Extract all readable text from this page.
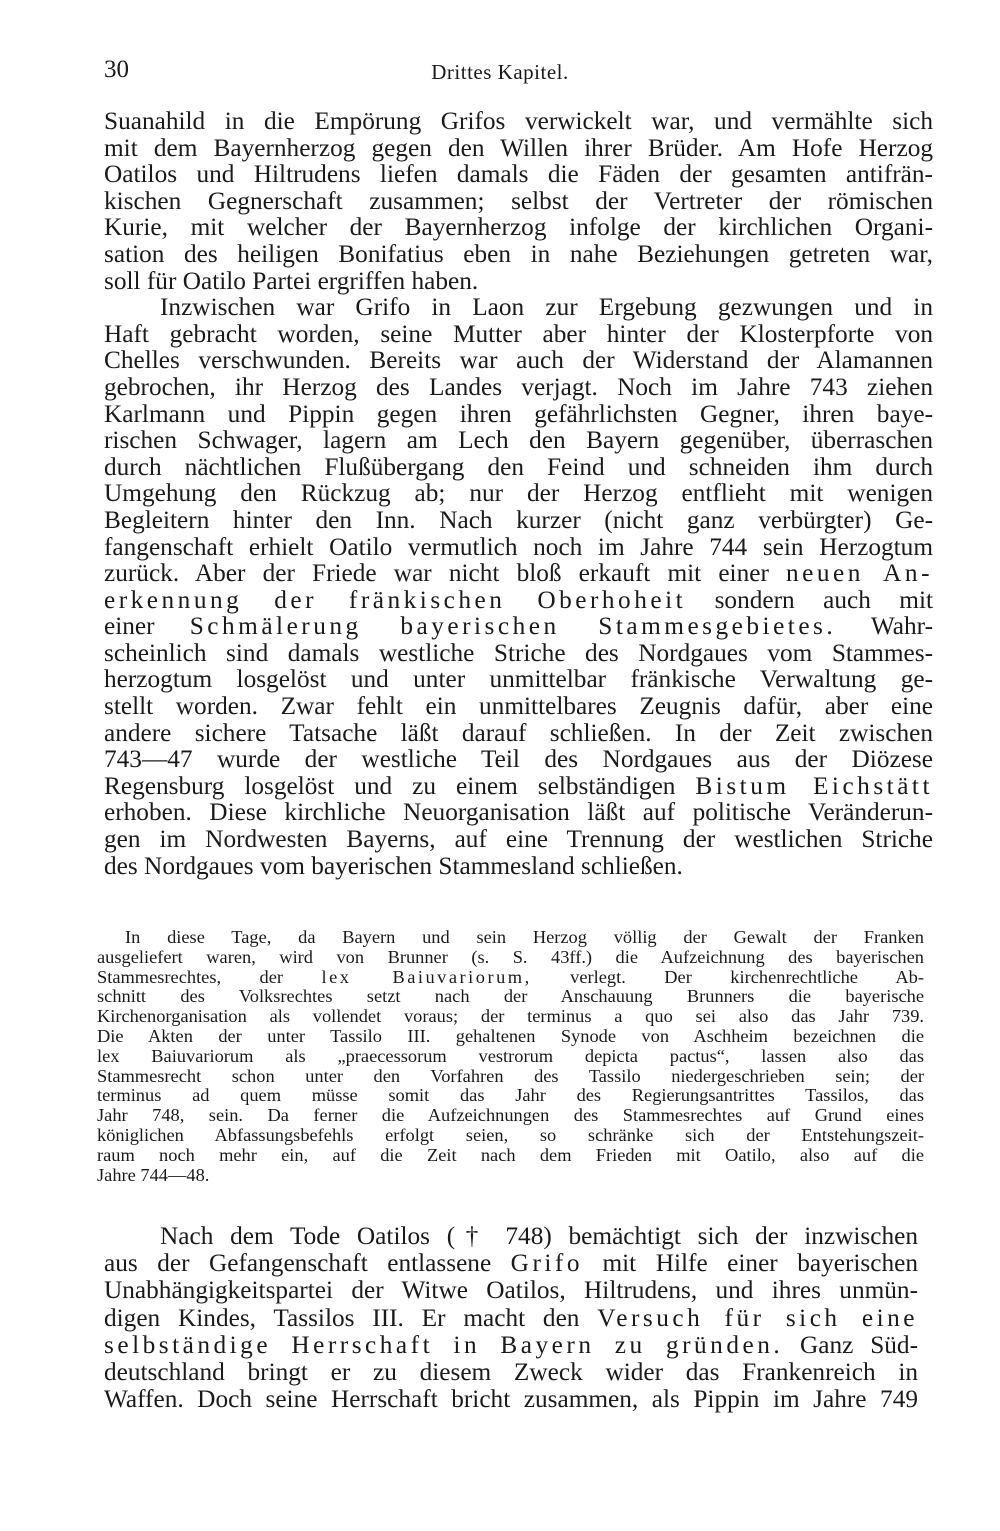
30	Drittes Kapitel.

Suanahild in die Empörung Grifos verwickelt war, und vermählte sich
mit dem Bayernherzog gegen den Willen ihrer Brüder. Am Hofe Herzog
Oatilos und Hiltrudens liefen damals die Fäden der gesamten antifrän-
kischen Gegnerschaft zusammen; selbst der Vertreter der römischen
Kurie, mit welcher der Bayernherzog infolge der kirchlichen Organi-
sation des heiligen Bonifatius eben in nahe Beziehungen getreten war,
soll für Oatilo Partei ergriffen haben.

Inzwischen war Grifo in Laon zur Ergebung gezwungen und in
Haft gebracht worden, seine Mutter aber hinter der Klosterpforte von
Chelles verschwunden. Bereits war auch der Widerstand der Alamannen
gebrochen, ihr Herzog des Landes verjagt. Noch im Jahre 743 ziehen
Karlmann und Pippin gegen ihren gefährlichsten Gegner, ihren baye-
rischen Schwager, lagern am Lech den Bayern gegenüber, überraschen
durch nächtlichen Flußübergang den Feind und schneiden ihm durch
Umgehung den Rückzug ab; nur der Herzog entflieht mit wenigen
Begleitern hinter den Inn. Nach kurzer (nicht ganz verbürgter) Ge-
fangenschaft erhielt Oatilo vermutlich noch im Jahre 744 sein Herzogtum
zurück. Aber der Friede war nicht bloß erkauft mit einer neuen An-
erkennung der fränkischen Oberhoheit sondern auch mit
einer Schmälerung bayerischen Stammesgebietes. Wahr-
scheinlich sind damals westliche Striche des Nordgaues vom Stammes-
herzogtum losgelöst und unter unmittelbar fränkische Verwaltung ge-
stellt worden. Zwar fehlt ein unmittelbares Zeugnis dafür, aber eine
andere sichere Tatsache läßt darauf schließen. In der Zeit zwischen
743—47 wurde der westliche Teil des Nordgaues aus der Diözese
Regensburg losgelöst und zu einem selbständigen Bistum Eichstätt
erhoben. Diese kirchliche Neuorganisation läßt auf politische Veränderun-
gen im Nordwesten Bayerns, auf eine Trennung der westlichen Striche
des Nordgaues vom bayerischen Stammesland schließen.

In diese Tage, da Bayern und sein Herzog völlig der Gewalt der Franken
ausgeliefert waren, wird von Brunner (s. S. 43ff.) die Aufzeichnung des bayerischen
Stammesrechtes, der lex Baiuvariorum, verlegt. Der kirchenrechtliche Ab-
schnitt des Volksrechtes setzt nach der Anschauung Brunners die bayerische
Kirchenorganisation als vollendet voraus; der terminus a quo sei also das Jahr 739.
Die Akten der unter Tassilo III. gehaltenen Synode von Aschheim bezeichnen die
lex Baiuvariorum als „praecessorum vestrorum depicta pactus“, lassen also das
Stammesrecht schon unter den Vorfahren des Tassilo niedergeschrieben sein; der
terminus ad quem müsse somit das Jahr des Regierungsantrittes Tassilos, das
Jahr 748, sein. Da ferner die Aufzeichnungen des Stammesrechtes auf Grund eines
königlichen Abfassungsbefehls erfolgt seien, so schränke sich der Entstehungszeit-
raum noch mehr ein, auf die Zeit nach dem Frieden mit Oatilo, also auf die
Jahre 744—48.

Nach dem Tode Oatilos († 748) bemächtigt sich der inzwischen
aus der Gefangenschaft entlassene Grifo mit Hilfe einer bayerischen
Unabhängigkeitspartei der Witwe Oatilos, Hiltrudens, und ihres unmün-
digen Kindes, Tassilos III. Er macht den Versuch für sich eine
selbständige Herrschaft in Bayern zu gründen. Ganz Süd-
deutschland bringt er zu diesem Zweck wider das Frankenreich in
Waffen. Doch seine Herrschaft bricht zusammen, als Pippin im Jahre 749
